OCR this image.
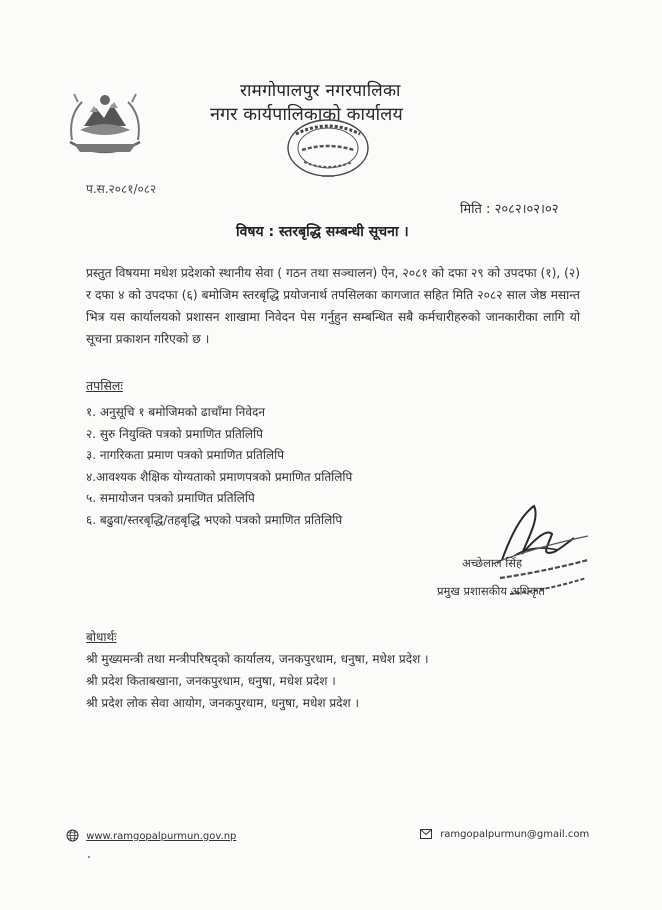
रामगोपालपुर नगरपालिका
नगर कार्यपालिकाको कार्यालय
प.स.२०८१/०८२
मिति : २०८२।०२।०२
विषय : स्तरबृद्धि सम्बन्धी सूचना ।
प्रस्तुत विषयमा मधेश प्रदेशको स्थानीय सेवा ( गठन तथा सञ्चालन) ऐन, २०८१ को दफा २९ को उपदफा (१), (२) र दफा ४ को उपदफा (६) बमोजिम स्तरबृद्धि प्रयोजनार्थ तपसिलका कागजात सहित मिति २०८२ साल जेष्ठ मसान्त भित्र यस कार्यालयको प्रशासन शाखामा निवेदन पेस गर्नुहुन सम्बन्धित सबै कर्मचारीहरुको जानकारीका लागि यो सूचना प्रकाशन गरिएको छ ।
तपसिलः
१. अनुसूचि १ बमोजिमको ढाचाँमा निवेदन
२. सुरु नियुक्ति पत्रको प्रमाणित प्रतिलिपि
३. नागरिकता प्रमाण पत्रको प्रमाणित प्रतिलिपि
४.आवश्यक शैक्षिक योग्यताको प्रमाणपत्रको प्रमाणित प्रतिलिपि
५. समायोजन पत्रको प्रमाणित प्रतिलिपि
६. बढुवा/स्तरबृद्धि/तहबृद्धि भएको पत्रको प्रमाणित प्रतिलिपि
अच्छेलाल सिंह
प्रमुख प्रशासकीय अधिकृत
बोधार्थः
श्री मुख्यमन्त्री तथा मन्त्रीपरिषद्को कार्यालय, जनकपुरधाम, धनुषा, मधेश प्रदेश ।
श्री प्रदेश किताबखाना, जनकपुरधाम, धनुषा, मधेश प्रदेश ।
श्री प्रदेश लोक सेवा आयोग, जनकपुरधाम, धनुषा, मधेश प्रदेश ।
www.ramgopalpurmun.gov.np	ramgopalpurmun@gmail.com
